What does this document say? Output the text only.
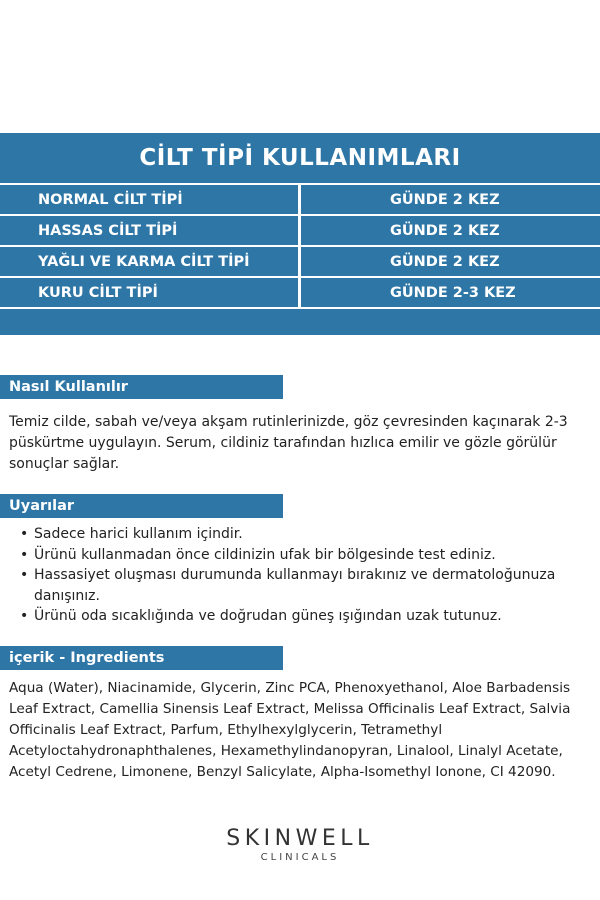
CİLT TİPİ KULLANIMLARI
NORMAL CİLT TİPİ	GÜNDE 2 KEZ
HASSAS CİLT TİPİ	GÜNDE 2 KEZ
YAĞLI VE KARMA CİLT TİPİ	GÜNDE 2 KEZ
KURU CİLT TİPİ	GÜNDE 2-3 KEZ
Nasıl Kullanılır
Temiz cilde, sabah ve/veya akşam rutinlerinizde, göz çevresinden kaçınarak 2-3 püskürtme uygulayın. Serum, cildiniz tarafından hızlıca emilir ve gözle görülür sonuçlar sağlar.
Uyarılar
• Sadece harici kullanım içindir.
• Ürünü kullanmadan önce cildinizin ufak bir bölgesinde test ediniz.
• Hassasiyet oluşması durumunda kullanmayı bırakınız ve dermatoloğunuza danışınız.
• Ürünü oda sıcaklığında ve doğrudan güneş ışığından uzak tutunuz.
içerik - Ingredients
Aqua (Water), Niacinamide, Glycerin, Zinc PCA, Phenoxyethanol, Aloe Barbadensis Leaf Extract, Camellia Sinensis Leaf Extract, Melissa Officinalis Leaf Extract, Salvia Officinalis Leaf Extract, Parfum, Ethylhexylglycerin, Tetramethyl Acetyloctahydronaphthalenes, Hexamethylindanopyran, Linalool, Linalyl Acetate, Acetyl Cedrene, Limonene, Benzyl Salicylate, Alpha-Isomethyl Ionone, CI 42090.
SKINWELL
CLINICALS
